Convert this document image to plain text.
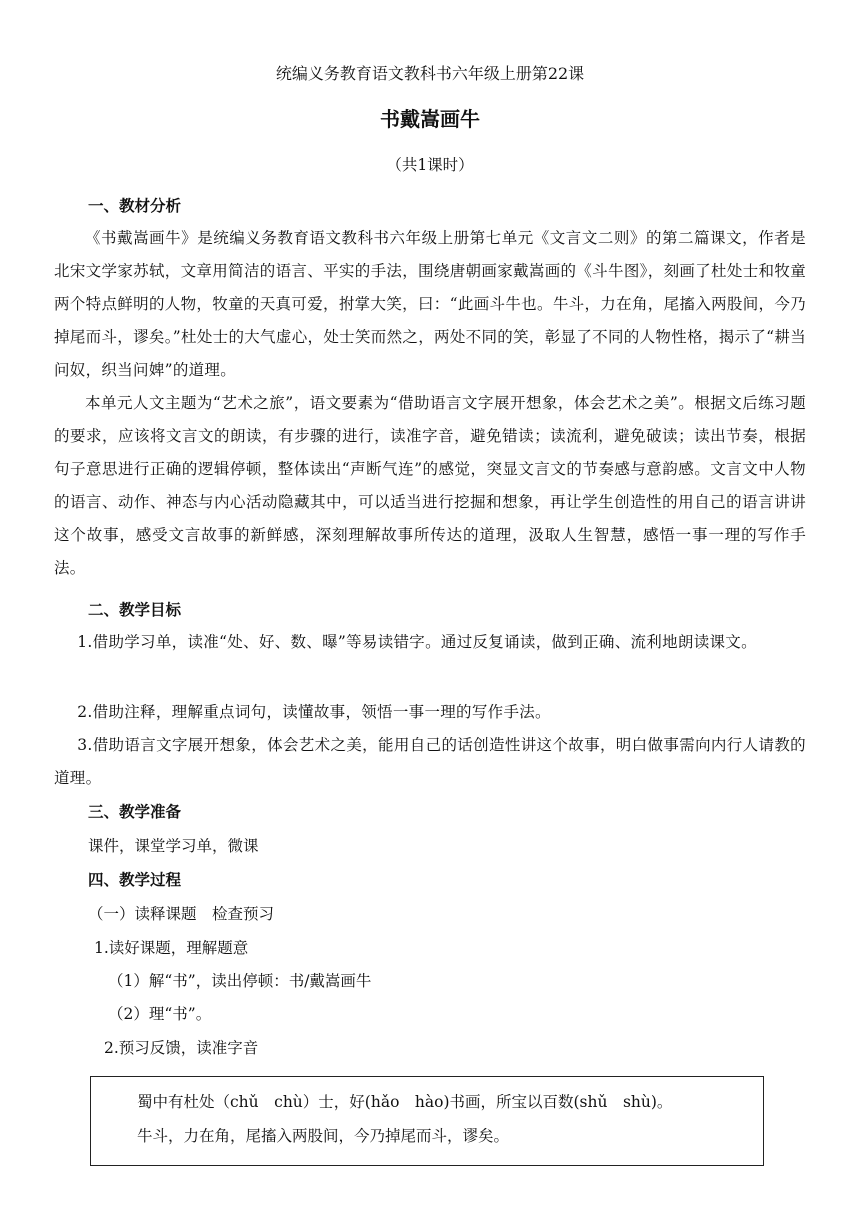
统编义务教育语文教科书六年级上册第22课
书戴嵩画牛
（共1课时）
一、教材分析
《书戴嵩画牛》是统编义务教育语文教科书六年级上册第七单元《文言文二则》的第二篇课文，作者是北宋文学家苏轼，文章用简洁的语言、平实的手法，围绕唐朝画家戴嵩画的《斗牛图》，刻画了杜处士和牧童两个特点鲜明的人物，牧童的天真可爱，拊掌大笑，曰：“此画斗牛也。牛斗，力在角，尾搐入两股间，今乃掉尾而斗，谬矣。”杜处士的大气虚心，处士笑而然之，两处不同的笑，彰显了不同的人物性格，揭示了“耕当问奴，织当问婢”的道理。
本单元人文主题为“艺术之旅”，语文要素为“借助语言文字展开想象，体会艺术之美”。根据文后练习题的要求，应该将文言文的朗读，有步骤的进行，读准字音，避免错读；读流利，避免破读；读出节奏，根据句子意思进行正确的逻辑停顿，整体读出“声断气连”的感觉，突显文言文的节奏感与意韵感。文言文中人物的语言、动作、神态与内心活动隐藏其中，可以适当进行挖掘和想象，再让学生创造性的用自己的语言讲讲这个故事，感受文言故事的新鲜感，深刻理解故事所传达的道理，汲取人生智慧，感悟一事一理的写作手法。
二、教学目标
1.借助学习单，读准“处、好、数、曝”等易读错字。通过反复诵读，做到正确、流利地朗读课文。
2.借助注释，理解重点词句，读懂故事，领悟一事一理的写作手法。
3.借助语言文字展开想象，体会艺术之美，能用自己的话创造性讲这个故事，明白做事需向内行人请教的道理。
三、教学准备
课件，课堂学习单，微课
四、教学过程
（一）读释课题　检查预习
1.读好课题，理解题意
（1）解“书”，读出停顿：书/戴嵩画牛
（2）理“书”。
2.预习反馈，读准字音
蜀中有杜处（chǔ　chù）士，好(hǎo　hào)书画，所宝以百数(shǔ　shù)。
牛斗，力在角，尾搐入两股间，今乃掉尾而斗，谬矣。
